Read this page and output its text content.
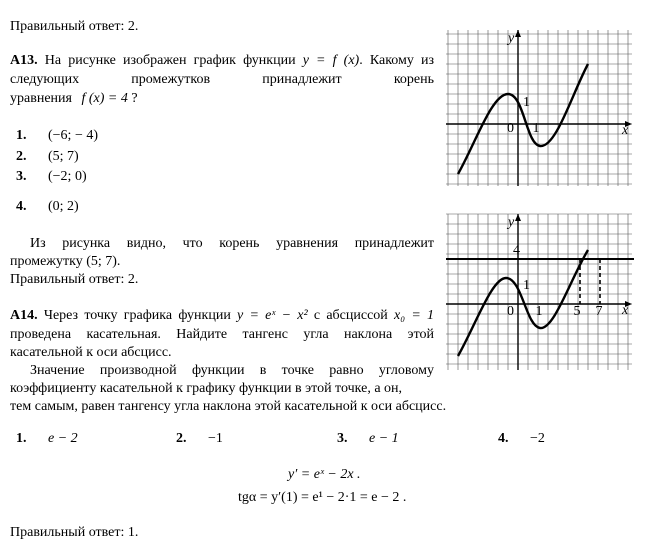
Правильный ответ: 2.
А13. На рисунке изображен график функции y = f (x). Какому из
следующих промежутков принадлежит корень
уравнения f (x) = 4 ?
1. (−6; − 4)
2. (5; 7)
3. (−2; 0)
4. (0; 2)
Из рисунка видно, что корень уравнения принадлежит
промежутку (5; 7).
Правильный ответ: 2.
y
x
0 1
1
y
x
0 1
1
4
5 7
А14. Через точку графика функции y = eˣ − x² с абсциссой x₀ = 1
проведена касательная. Найдите тангенс угла наклона этой
касательной к оси абсцисс.
Значение производной функции в точке равно угловому
коэффициенту касательной к графику функции в этой точке, а он,
тем самым, равен тангенсу угла наклона этой касательной к оси абсцисс.
1. e − 2	2. −1	3. e − 1	4. −2
y′ = eˣ − 2x .
tgα = y′(1) = e¹ − 2·1 = e − 2 .
Правильный ответ: 1.
